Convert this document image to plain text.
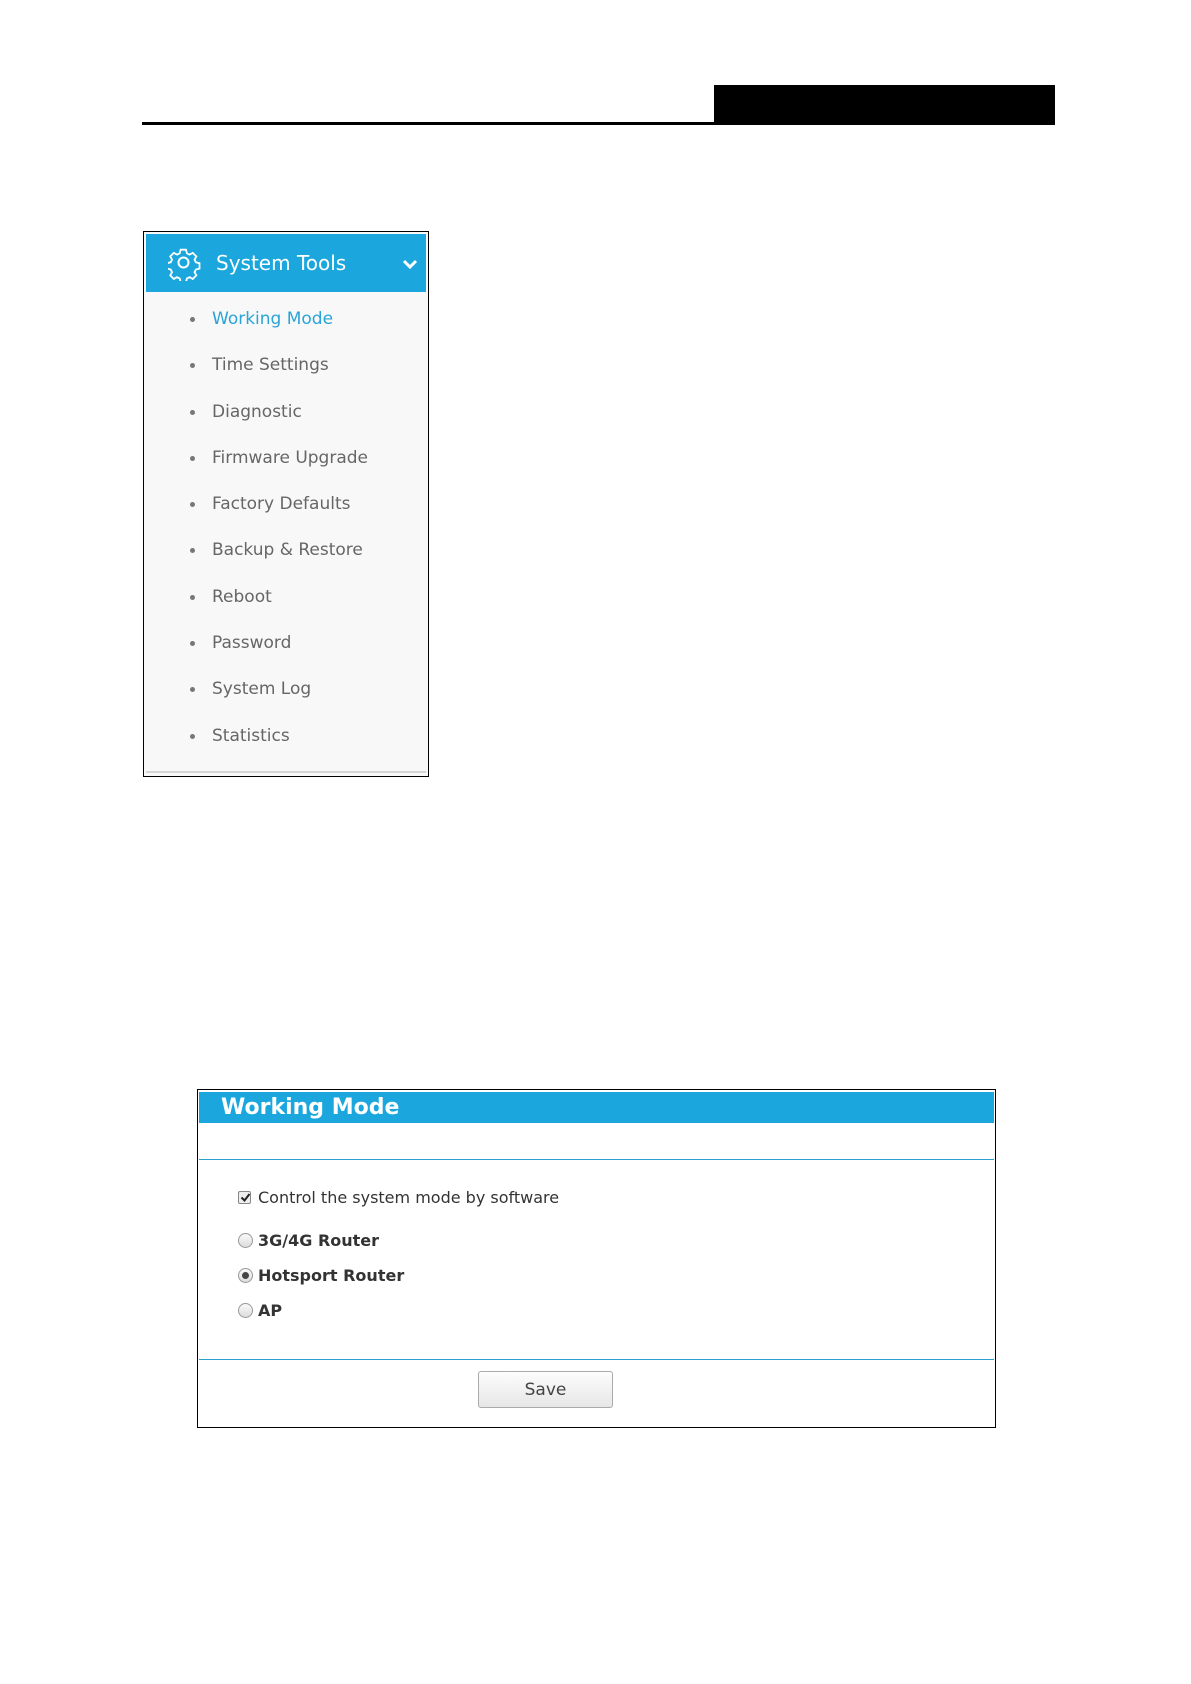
System Tools
Working Mode
Time Settings
Diagnostic
Firmware Upgrade
Factory Defaults
Backup & Restore
Reboot
Password
System Log
Statistics
Working Mode
Control the system mode by software
3G/4G Router
Hotsport Router
AP
Save
